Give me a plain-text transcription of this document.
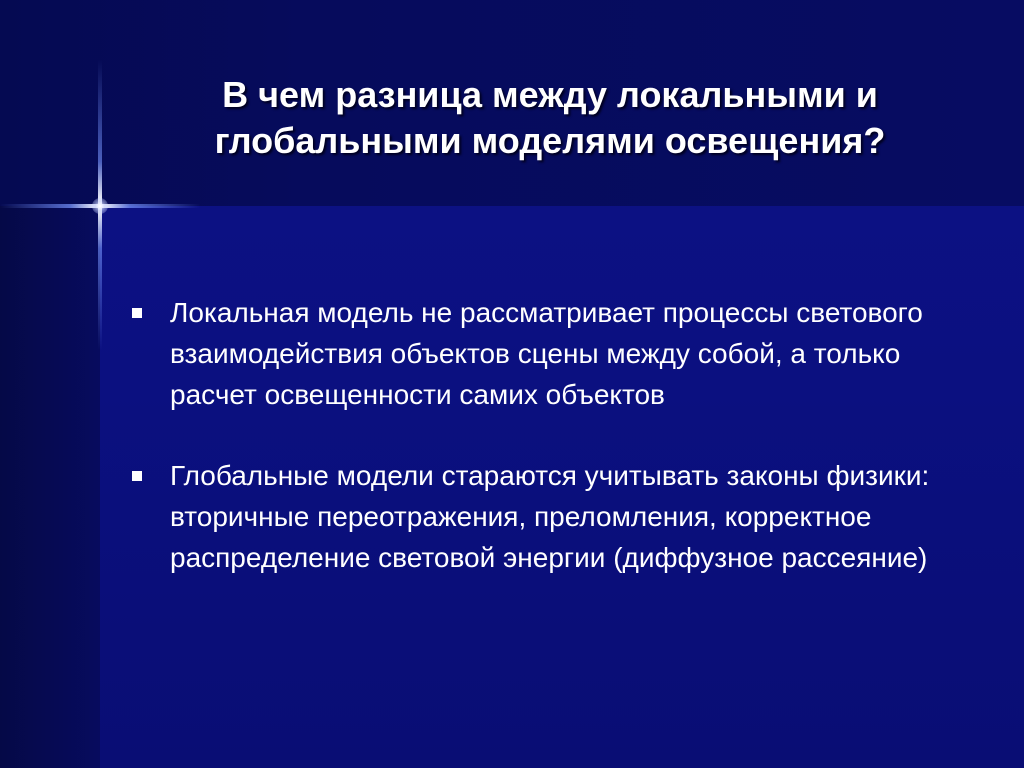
В чем разница между локальными и
глобальными моделями освещения?
Локальная модель не рассматривает процессы светового взаимодействия объектов сцены между собой, а только расчет освещенности самих объектов
Глобальные модели стараются учитывать законы физики: вторичные переотражения, преломления, корректное распределение световой энергии (диффузное рассеяние)
